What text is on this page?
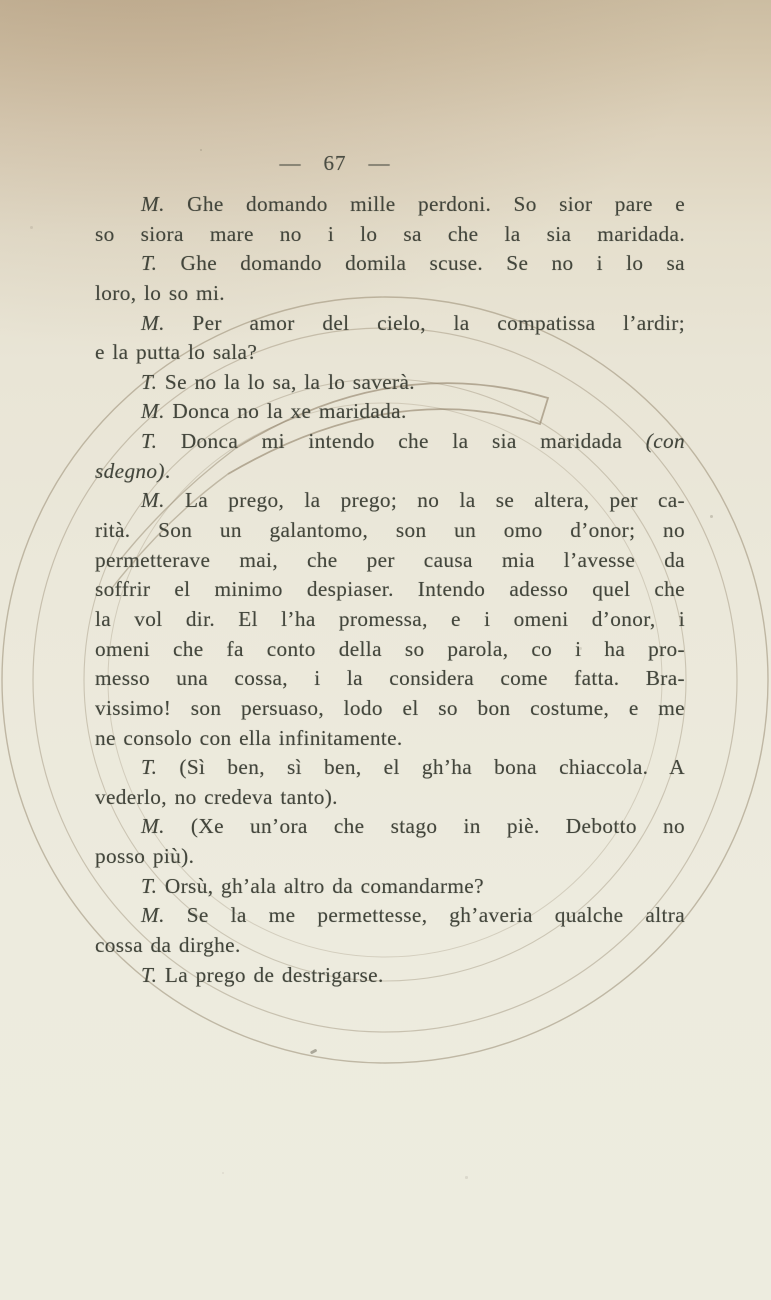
— 67 —
M. Ghe domando mille perdoni. So sior pare e
so siora mare no i lo sa che la sia maridada.
T. Ghe domando domila scuse. Se no i lo sa
loro, lo so mi.
M. Per amor del cielo, la compatissa l’ardir;
e la putta lo sala?
T. Se no la lo sa, la lo saverà.
M. Donca no la xe maridada.
T. Donca mi intendo che la sia maridada (con
sdegno).
M. La prego, la prego; no la se altera, per ca-
rità. Son un galantomo, son un omo d’onor; no
permetterave mai, che per causa mia l’avesse da
soffrir el minimo despiaser. Intendo adesso quel che
la vol dir. El l’ha promessa, e i omeni d’onor, i
omeni che fa conto della so parola, co i ha pro-
messo una cossa, i la considera come fatta. Bra-
vissimo! son persuaso, lodo el so bon costume, e me
ne consolo con ella infinitamente.
T. (Sì ben, sì ben, el gh’ha bona chiaccola. A
vederlo, no credeva tanto).
M. (Xe un’ora che stago in piè. Debotto no
posso più).
T. Orsù, gh’ala altro da comandarme?
M. Se la me permettesse, gh’averia qualche altra
cossa da dirghe.
T. La prego de destrigarse.
